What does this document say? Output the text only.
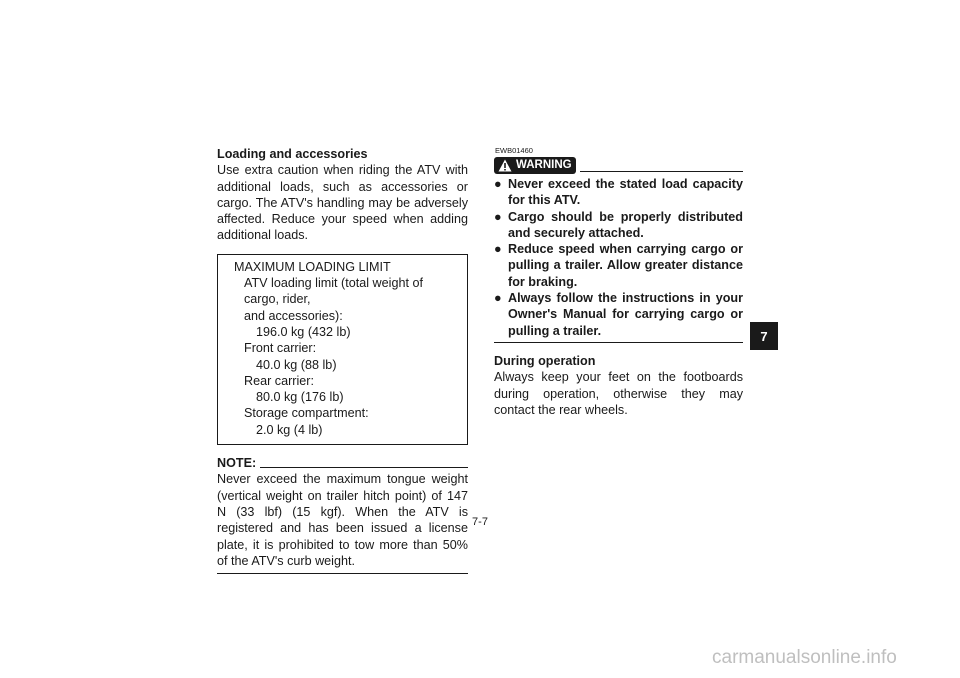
Loading and accessories
Use extra caution when riding the ATV with additional loads, such as accessories or cargo. The ATV's handling may be adversely affected. Reduce your speed when adding additional loads.
MAXIMUM LOADING LIMIT
ATV loading limit (total weight of cargo, rider,
and accessories):
196.0 kg (432 lb)
Front carrier:
40.0 kg (88 lb)
Rear carrier:
80.0 kg (176 lb)
Storage compartment:
2.0 kg (4 lb)
NOTE:
Never exceed the maximum tongue weight (vertical weight on trailer hitch point) of 147 N (33 lbf) (15 kgf). When the ATV is registered and has been issued a license plate, it is prohibited to tow more than 50% of the ATV's curb weight.
EWB01460
WARNING
● Never exceed the stated load capacity for this ATV.
● Cargo should be properly distributed and securely attached.
● Reduce speed when carrying cargo or pulling a trailer. Allow greater distance for braking.
● Always follow the instructions in your Owner's Manual for carrying cargo or pulling a trailer.
During operation
Always keep your feet on the footboards during operation, otherwise they may contact the rear wheels.
7
7-7
carmanualsonline.info
